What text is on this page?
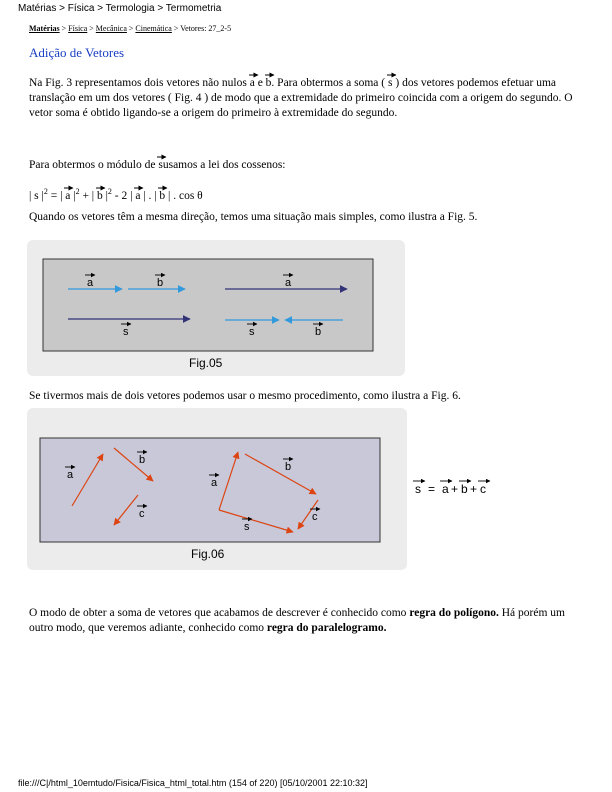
Matérias > Física > Termologia > Termometria
Matérias > Física > Mecânica > Cinemática > Vetores: 27_2-5
Adição de Vetores
Na Fig. 3 representamos dois vetores não nulos
a e
b. Para obtermos a soma (
s ) dos vetores podemos efetuar uma translação em um dos vetores ( Fig. 4 ) de modo que a extremidade do primeiro coincida com a origem do segundo. O vetor soma é obtido ligando-se a origem do primeiro à extremidade do segundo.
Para obtermos o módulo de
susamos a lei dos cossenos:
| s $|^2$ = |
a $|^2$ + |
b $|^2 - 2$ |
a | . |
b | . cos θ
Quando os vetores têm a mesma direção, temos uma situação mais simples, como ilustra a Fig. 5.
a	b	a
s	s	b
Fig.05
Se tivermos mais de dois vetores podemos usar o mesmo procedimento, como ilustra a Fig. 6.
a
b
c
a
b
c
s
Fig.06
s = a + b + c
O modo de obter a soma de vetores que acabamos de descrever é conhecido como regra do polígono. Há porém um outro modo, que veremos adiante, conhecido como regra do paralelogramo.
file:///C|/html_10emtudo/Fisica/Fisica_html_total.htm (154 of 220) [05/10/2001 22:10:32]
